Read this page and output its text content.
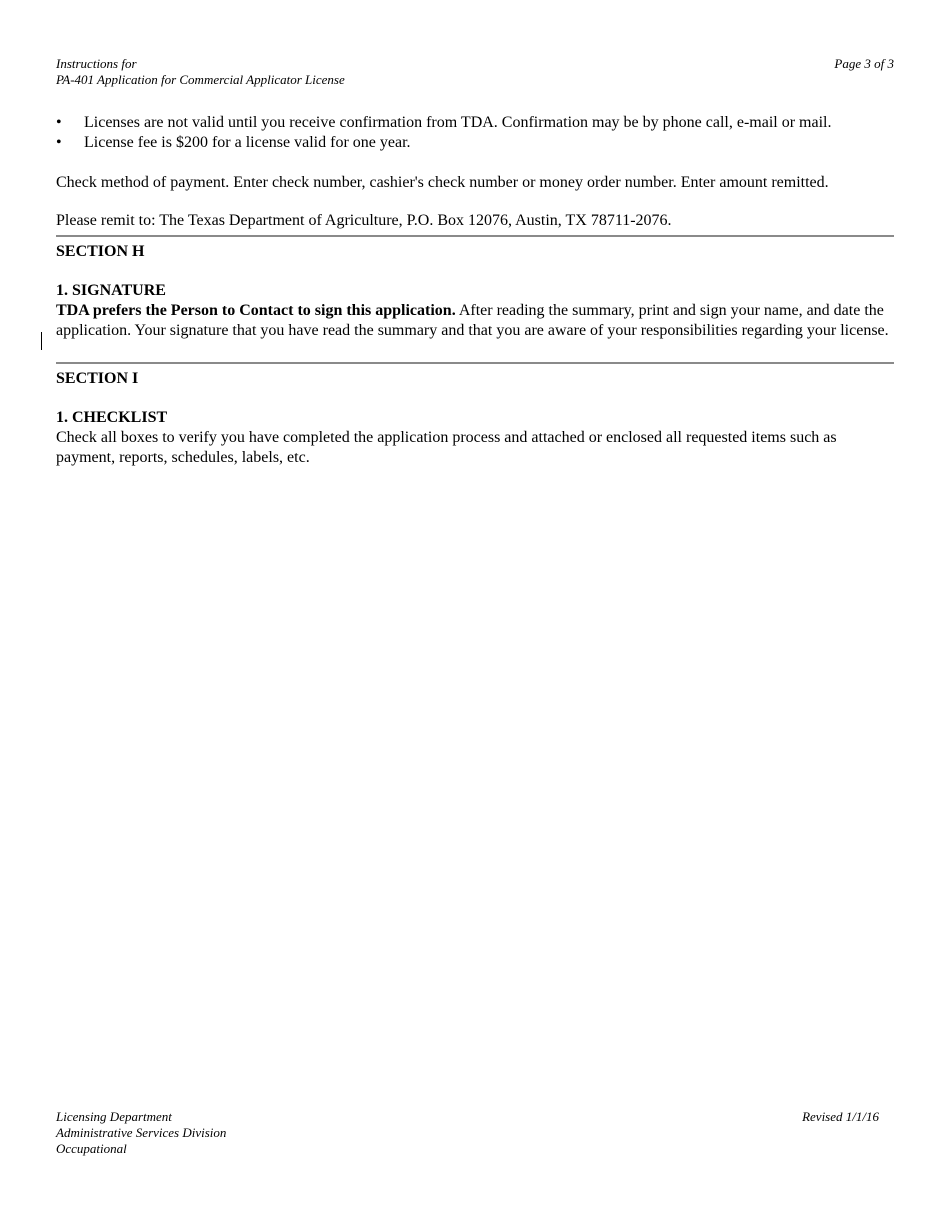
Instructions for
PA-401 Application for Commercial Applicator License
Page 3 of 3
• Licenses are not valid until you receive confirmation from TDA. Confirmation may be by phone call, e-mail or mail.
• License fee is $200 for a license valid for one year.

Check method of payment. Enter check number, cashier's check number or money order number. Enter amount remitted.

Please remit to: The Texas Department of Agriculture, P.O. Box 12076, Austin, TX 78711-2076.

SECTION H

1. SIGNATURE

TDA prefers the Person to Contact to sign this application. After reading the summary, print and sign your name, and date the application. Your signature that you have read the summary and that you are aware of your responsibilities regarding your license.

SECTION I

1. CHECKLIST

Check all boxes to verify you have completed the application process and attached or enclosed all requested items such as payment, reports, schedules, labels, etc.

Licensing Department
Administrative Services Division
Occupational
Revised 1/1/16
